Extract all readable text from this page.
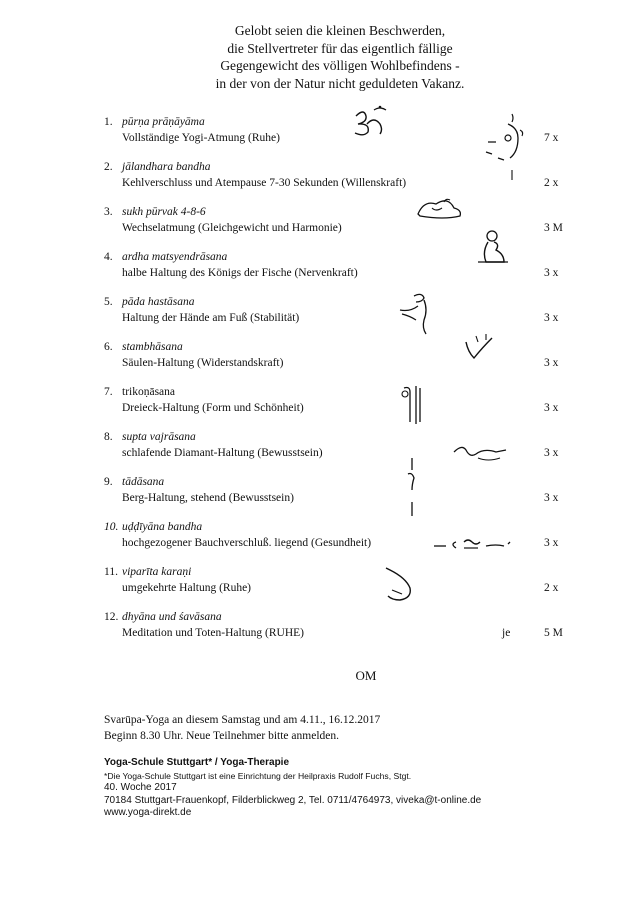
Gelobt seien die kleinen Beschwerden,
die Stellvertreter für das eigentlich fällige
Gegengewicht des völligen Wohlbefindens -
in der von der Natur nicht geduldeten Vakanz.
1. pūrṇa prāṇāyāma
Vollständige Yogi-Atmung (Ruhe)	7 x
2. jālandhara bandha
Kehlverschluss und Atempause 7-30 Sekunden (Willenskraft)	2 x
3. sukh pūrvak 4-8-6
Wechselatmung (Gleichgewicht und Harmonie)	3 M
4. ardha matsyendrāsana
halbe Haltung des Königs der Fische (Nervenkraft)	3 x
5. pāda hastāsana
Haltung der Hände am Fuß (Stabilität)	3 x
6. stambhāsana
Säulen-Haltung (Widerstandskraft)	3 x
7. trikoṇāsana
Dreieck-Haltung (Form und Schönheit)	3 x
8. supta vajrāsana
schlafende Diamant-Haltung (Bewusstsein)	3 x
9. tādāsana
Berg-Haltung, stehend (Bewusstsein)	3 x
10. uḍḍīyāna bandha
hochgezogener Bauchverschluß. liegend (Gesundheit)	3 x
11. viparīta karaṇi
umgekehrte Haltung (Ruhe)	2 x
12. dhyāna und śavāsana
Meditation und Toten-Haltung (RUHE)	je	5 M
OM
Svarūpa-Yoga an diesem Samstag und am 4.11., 16.12.2017
Beginn 8.30 Uhr. Neue Teilnehmer bitte anmelden.
Yoga-Schule Stuttgart* / Yoga-Therapie
*Die Yoga-Schule Stuttgart ist eine Einrichtung der Heilpraxis Rudolf Fuchs, Stgt.
40. Woche 2017
70184 Stuttgart-Frauenkopf, Filderblickweg 2, Tel. 0711/4764973, viveka@t-online.de
www.yoga-direkt.de
